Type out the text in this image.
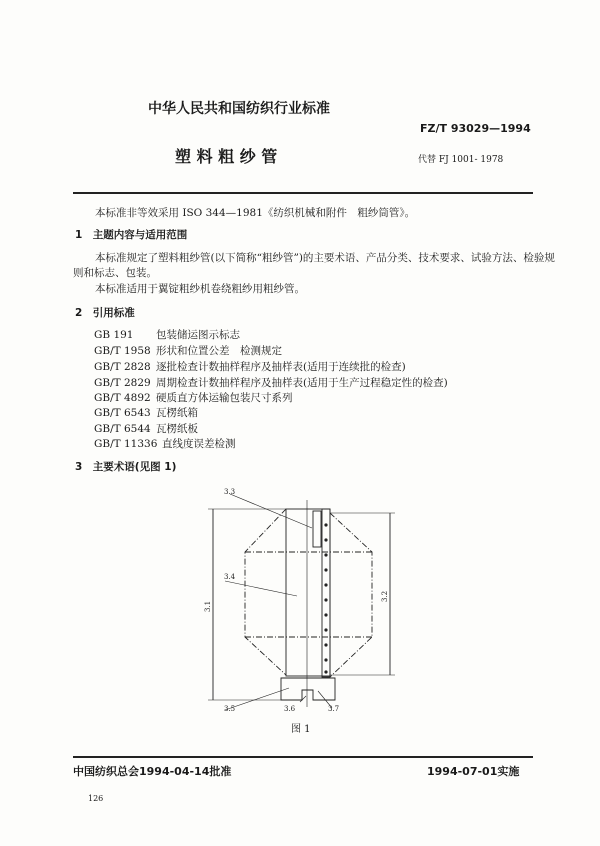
中华人民共和国纺织行业标准
FZ/T 93029—1994
塑 料 粗 纱 管	代替 FJ 1001- 1978
本标准非等效采用 ISO 344—1981《纺织机械和附件　粗纱筒管》。
1　主题内容与适用范围
本标准规定了塑料粗纱管(以下简称“粗纱管”)的主要术语、产品分类、技术要求、试验方法、检验规
则和标志、包装。
本标准适用于翼锭粗纱机卷绕粗纱用粗纱管。
2　引用标准
GB 191 包装储运图示标志
GB/T 1958 形状和位置公差　检测规定
GB/T 2828 逐批检查计数抽样程序及抽样表(适用于连续批的检查)
GB/T 2829 周期检查计数抽样程序及抽样表(适用于生产过程稳定性的检查)
GB/T 4892 硬质直方体运输包装尺寸系列
GB/T 6543 瓦楞纸箱
GB/T 6544 瓦楞纸板
GB/T 11336 直线度误差检测
3　主要术语(见图 1)
3.3
3.4
3.5	3.6	3.7
3.1
3.2
图 1
中国纺织总会1994-04-14批准	1994-07-01实施
126
